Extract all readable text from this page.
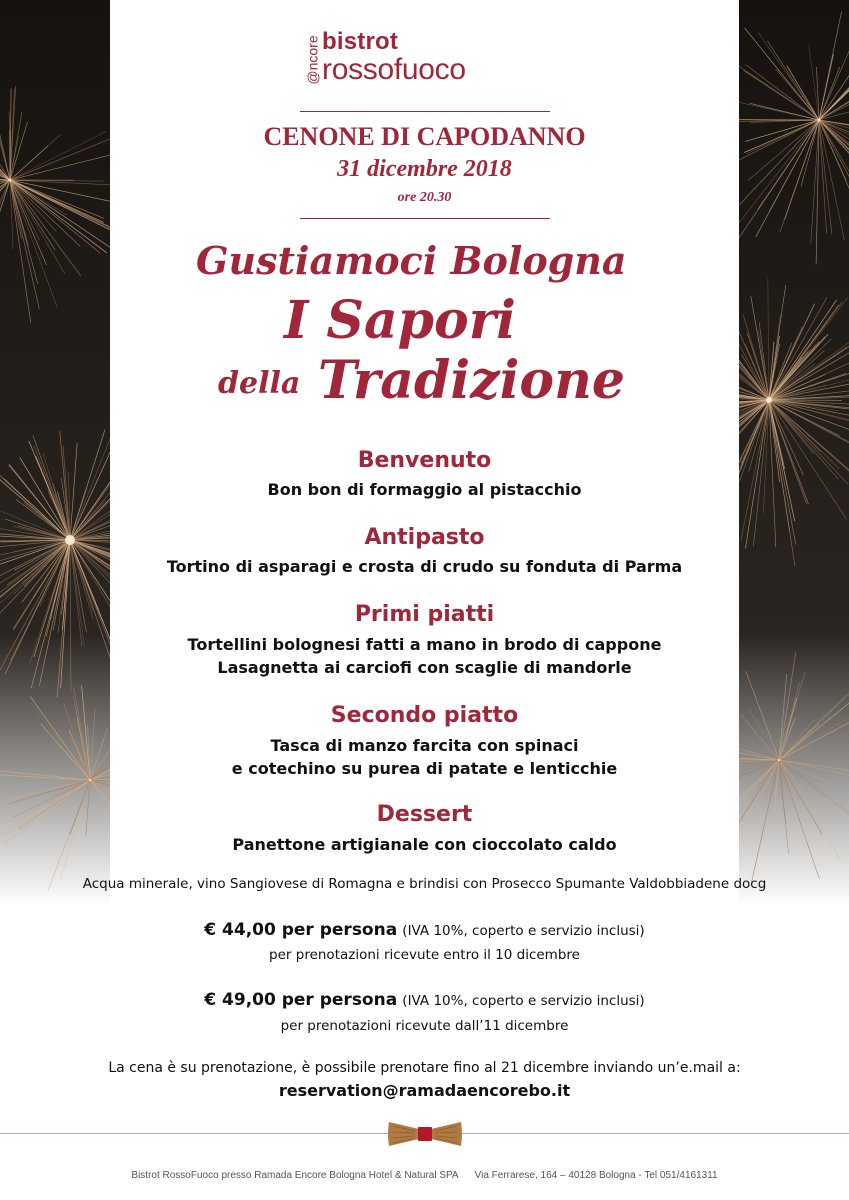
@ncore bistrot
rossofuoco
CENONE DI CAPODANNO
31 dicembre 2018
ore 20.30
Gustiamoci Bologna
I Sapori
della Tradizione
Benvenuto
Bon bon di formaggio al pistacchio
Antipasto
Tortino di asparagi e crosta di crudo su fonduta di Parma
Primi piatti
Tortellini bolognesi fatti a mano in brodo di cappone
Lasagnetta ai carciofi con scaglie di mandorle
Secondo piatto
Tasca di manzo farcita con spinaci
e cotechino su purea di patate e lenticchie
Dessert
Panettone artigianale con cioccolato caldo
Acqua minerale, vino Sangiovese di Romagna e brindisi con Prosecco Spumante Valdobbiadene docg
€ 44,00 per persona (IVA 10%, coperto e servizio inclusi)
per prenotazioni ricevute entro il 10 dicembre
€ 49,00 per persona (IVA 10%, coperto e servizio inclusi)
per prenotazioni ricevute dall’11 dicembre
La cena è su prenotazione, è possibile prenotare fino al 21 dicembre inviando un’e.mail a:
reservation@ramadaencorebo.it
Bistrot RossoFuoco presso Ramada Encore Bologna Hotel & Natural SPA Via Ferrarese, 164 – 40128 Bologna - Tel 051/4161311
